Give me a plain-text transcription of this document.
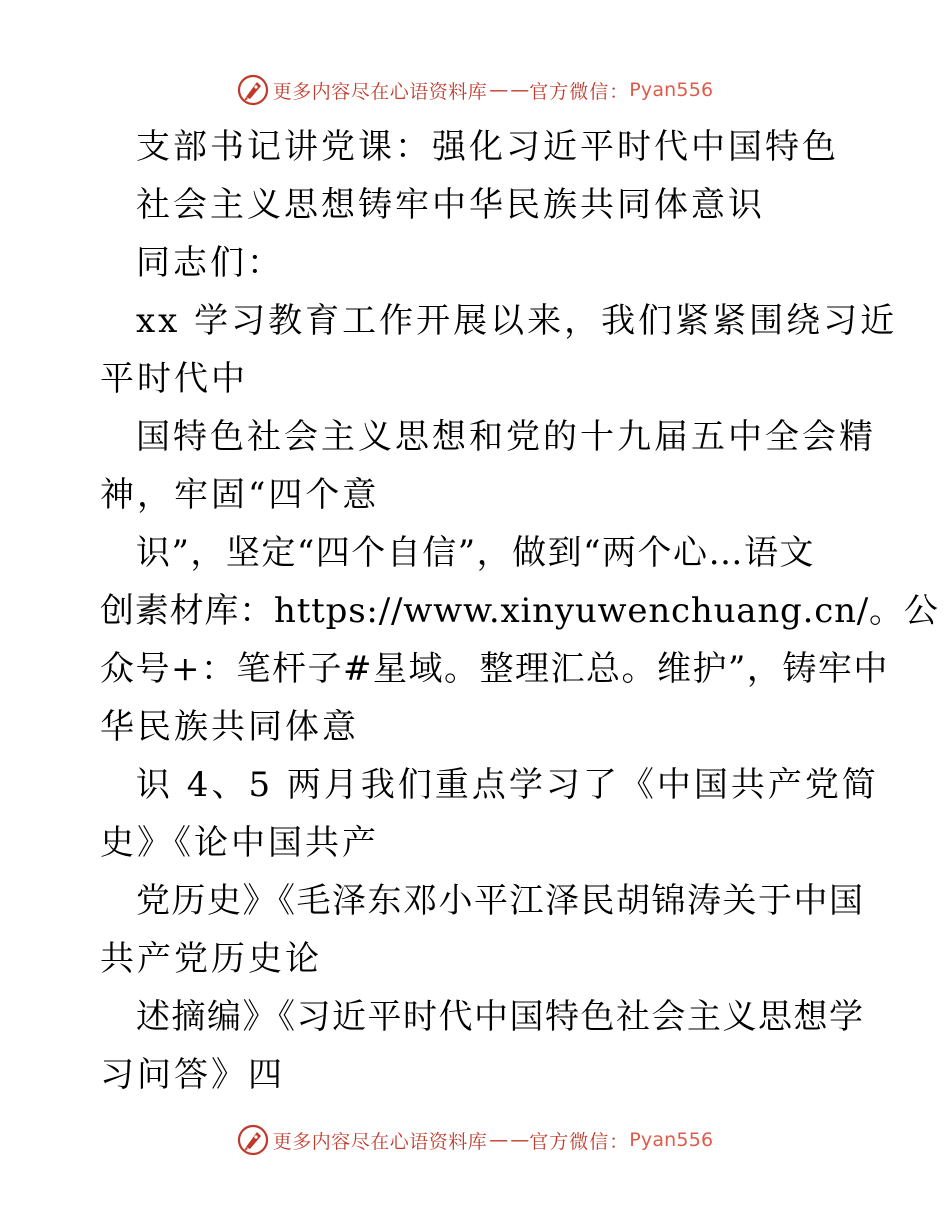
更多内容尽在心语资料库 — — 官方微信： Pyan556
支部书记讲党课：强化习近平时代中国特色
社会主义思想铸牢中华民族共同体意识
同志们：
xx 学习教育工作开展以来，我们紧紧围绕习近
平时代中
国特色社会主义思想和党的十九届五中全会精
神，牢固“四个意
识”，坚定“四个自信”，做到“两个心…语文
创素材库：https://www.xinyuwenchuang.cn/。公
众号+：笔杆子#星域。整理汇总。维护”，铸牢中
华民族共同体意
识 4、5 两月我们重点学习了《中国共产党简
史》《论中国共产
党历史》《毛泽东邓小平江泽民胡锦涛关于中国
共产党历史论
述摘编》《习近平时代中国特色社会主义思想学
习问答》四
更多内容尽在心语资料库 — — 官方微信： Pyan556
